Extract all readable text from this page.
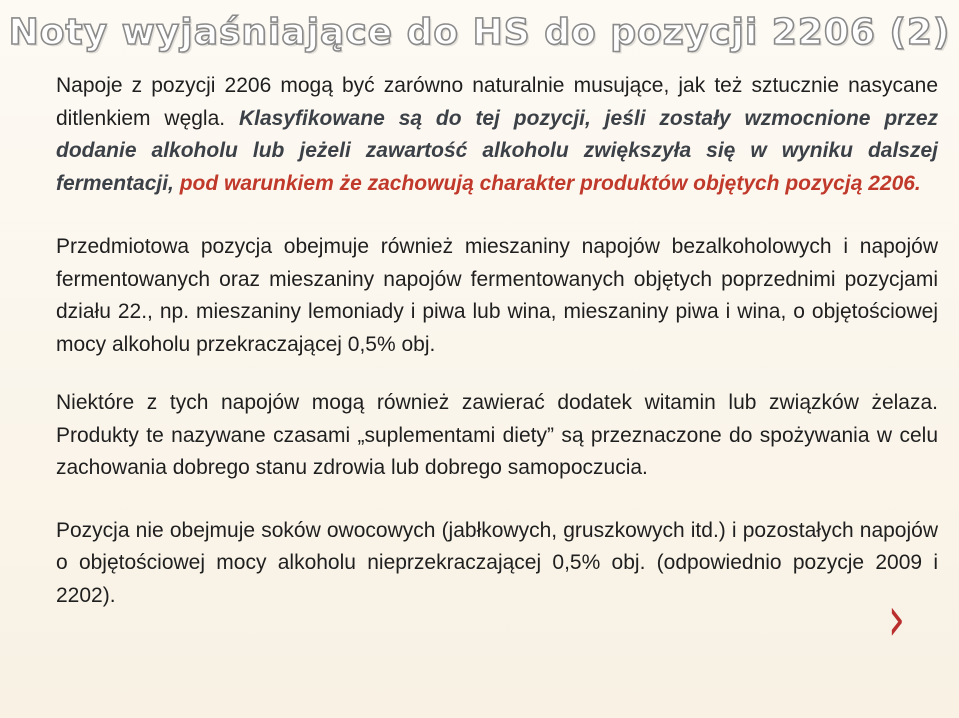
Noty wyjaśniające do HS do pozycji 2206 (2)

Napoje z pozycji 2206 mogą być zarówno naturalnie musujące, jak też sztucznie nasycane ditlenkiem węgla. Klasyfikowane są do tej pozycji, jeśli zostały wzmocnione przez dodanie alkoholu lub jeżeli zawartość alkoholu zwiększyła się w wyniku dalszej fermentacji, pod warunkiem że zachowują charakter produktów objętych pozycją 2206.

Przedmiotowa pozycja obejmuje również mieszaniny napojów bezalkoholowych i napojów fermentowanych oraz mieszaniny napojów fermentowanych objętych poprzednimi pozycjami działu 22., np. mieszaniny lemoniady i piwa lub wina, mieszaniny piwa i wina, o objętościowej mocy alkoholu przekraczającej 0,5% obj.

Niektóre z tych napojów mogą również zawierać dodatek witamin lub związków żelaza. Produkty te nazywane czasami „suplementami diety” są przeznaczone do spożywania w celu zachowania dobrego stanu zdrowia lub dobrego samopoczucia.

Pozycja nie obejmuje soków owocowych (jabłkowych, gruszkowych itd.) i pozostałych napojów o objętościowej mocy alkoholu nieprzekraczającej 0,5% obj. (odpowiednio pozycje 2009 i 2202).	›
